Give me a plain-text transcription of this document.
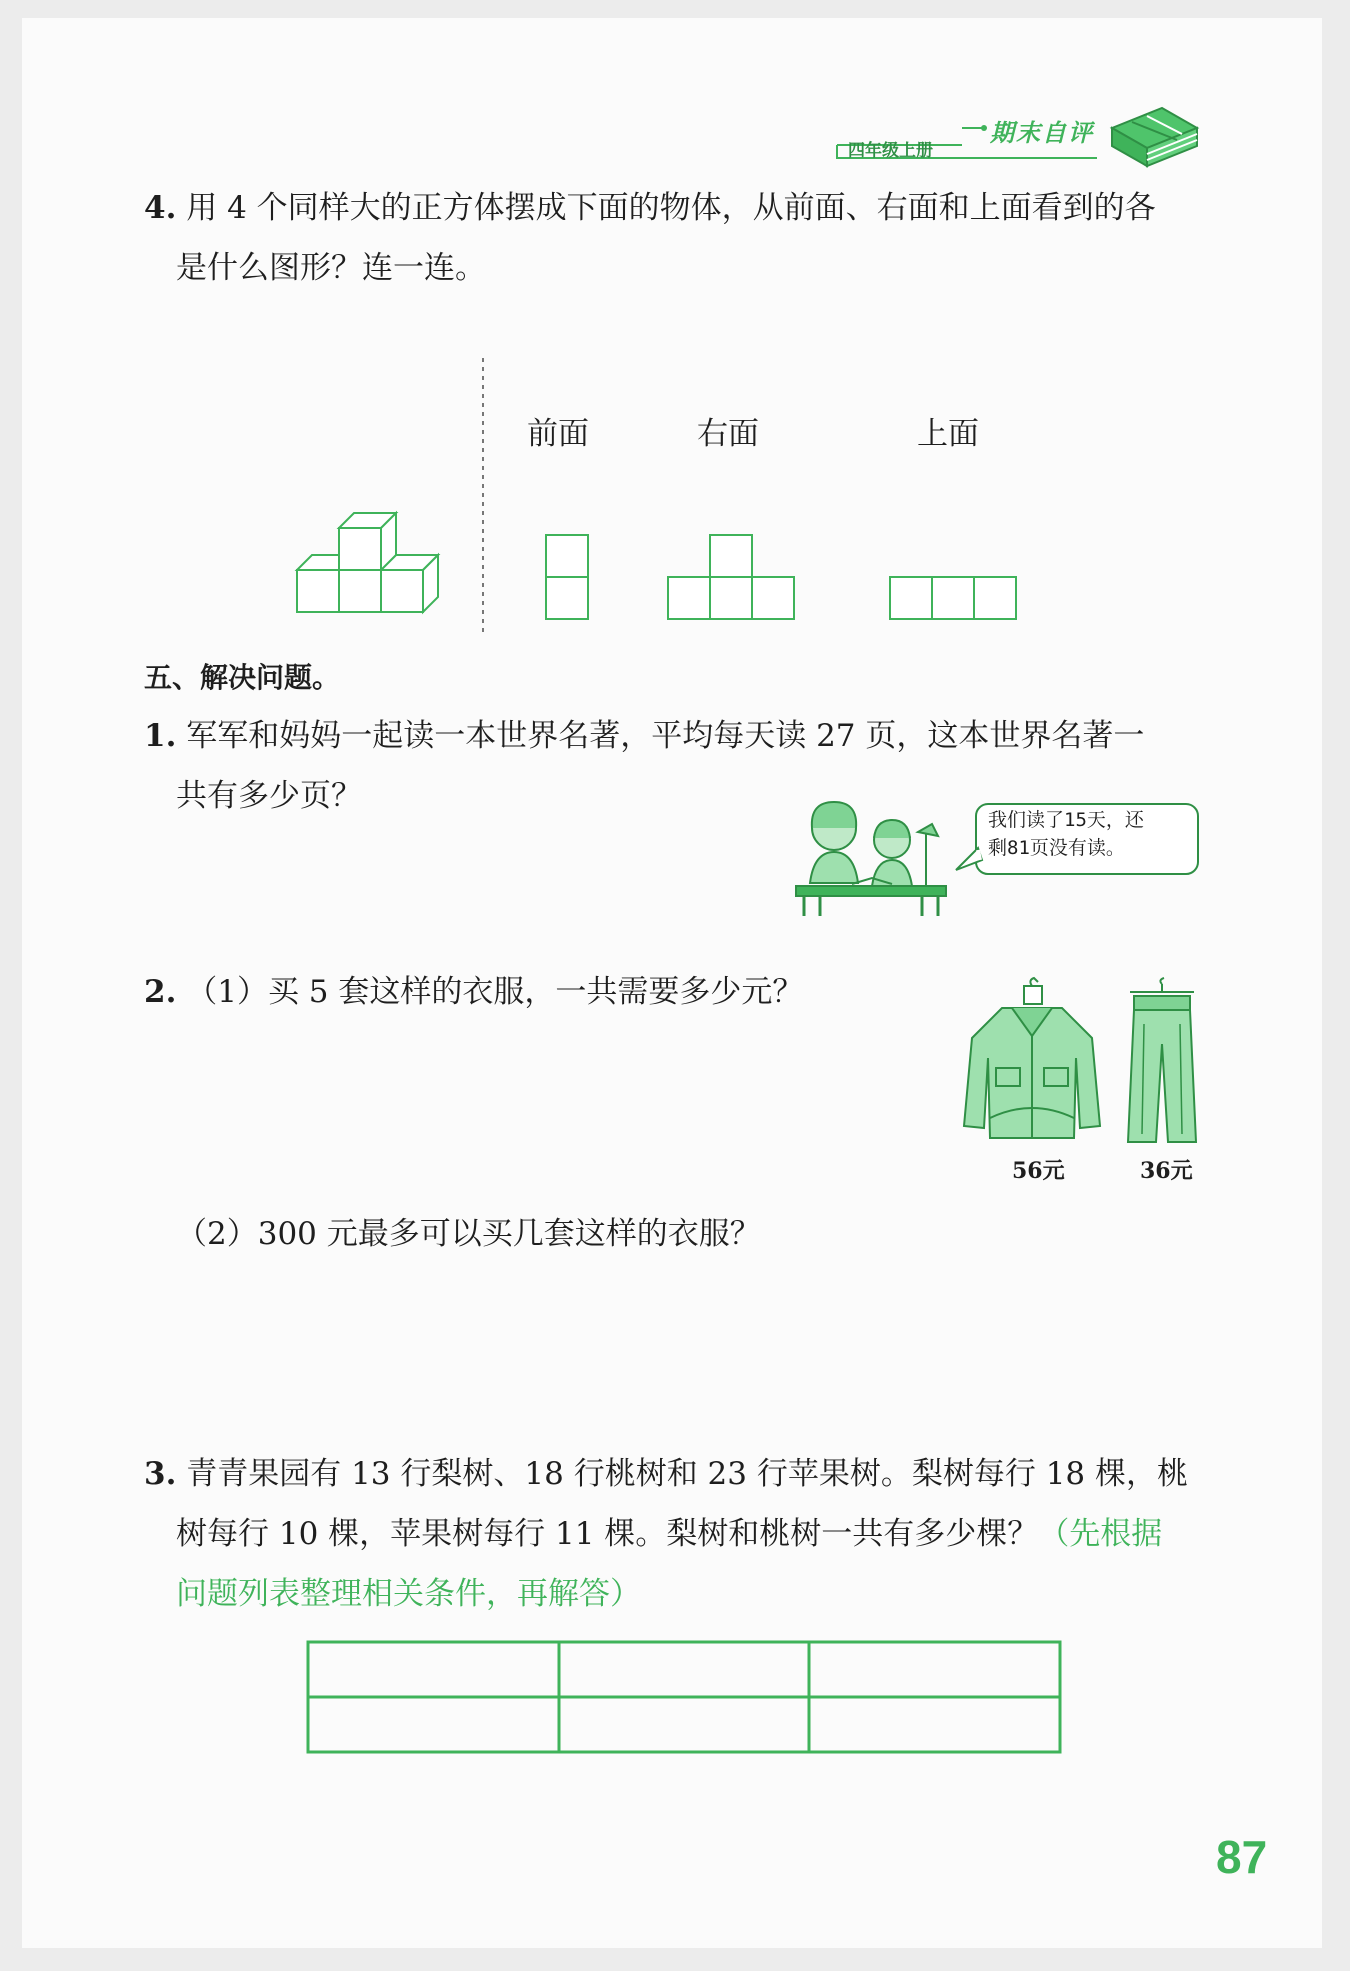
四年级上册
期末自评
4. 用 4 个同样大的正方体摆成下面的物体，从前面、右面和上面看到的各
是什么图形？连一连。
前面	右面	上面
五、解决问题。
1. 军军和妈妈一起读一本世界名著，平均每天读 27 页，这本世界名著一
共有多少页？
我们读了15天，还
剩81页没有读。
2. （1）买 5 套这样的衣服，一共需要多少元？
56元	36元
（2）300 元最多可以买几套这样的衣服？
3. 青青果园有 13 行梨树、18 行桃树和 23 行苹果树。梨树每行 18 棵，桃
树每行 10 棵，苹果树每行 11 棵。梨树和桃树一共有多少棵？（先根据
问题列表整理相关条件，再解答）
87
